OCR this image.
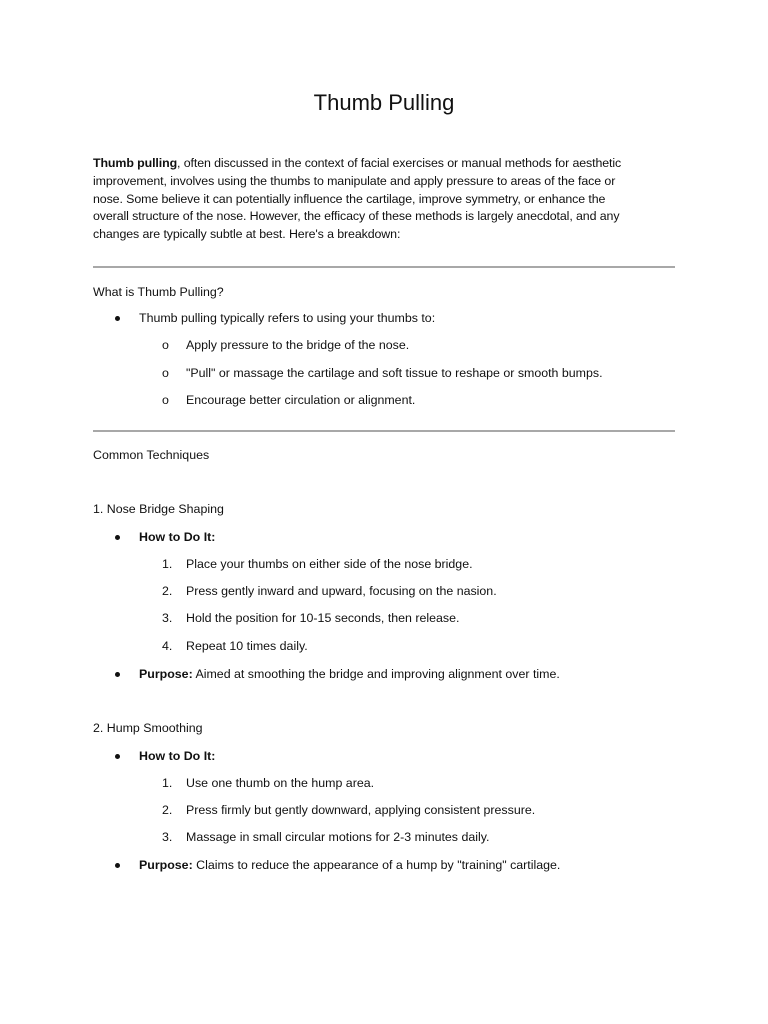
Thumb Pulling
Thumb pulling, often discussed in the context of facial exercises or manual methods for aesthetic
improvement, involves using the thumbs to manipulate and apply pressure to areas of the face or
nose. Some believe it can potentially influence the cartilage, improve symmetry, or enhance the
overall structure of the nose. However, the efficacy of these methods is largely anecdotal, and any
changes are typically subtle at best. Here's a breakdown:
What is Thumb Pulling?
Thumb pulling typically refers to using your thumbs to:
o	Apply pressure to the bridge of the nose.
o	"Pull" or massage the cartilage and soft tissue to reshape or smooth bumps.
o	Encourage better circulation or alignment.
Common Techniques
1. Nose Bridge Shaping
How to Do It:
1. Place your thumbs on either side of the nose bridge.
2. Press gently inward and upward, focusing on the nasion.
3. Hold the position for 10-15 seconds, then release.
4. Repeat 10 times daily.
Purpose: Aimed at smoothing the bridge and improving alignment over time.
2. Hump Smoothing
How to Do It:
1. Use one thumb on the hump area.
2. Press firmly but gently downward, applying consistent pressure.
3. Massage in small circular motions for 2-3 minutes daily.
Purpose: Claims to reduce the appearance of a hump by "training" cartilage.
